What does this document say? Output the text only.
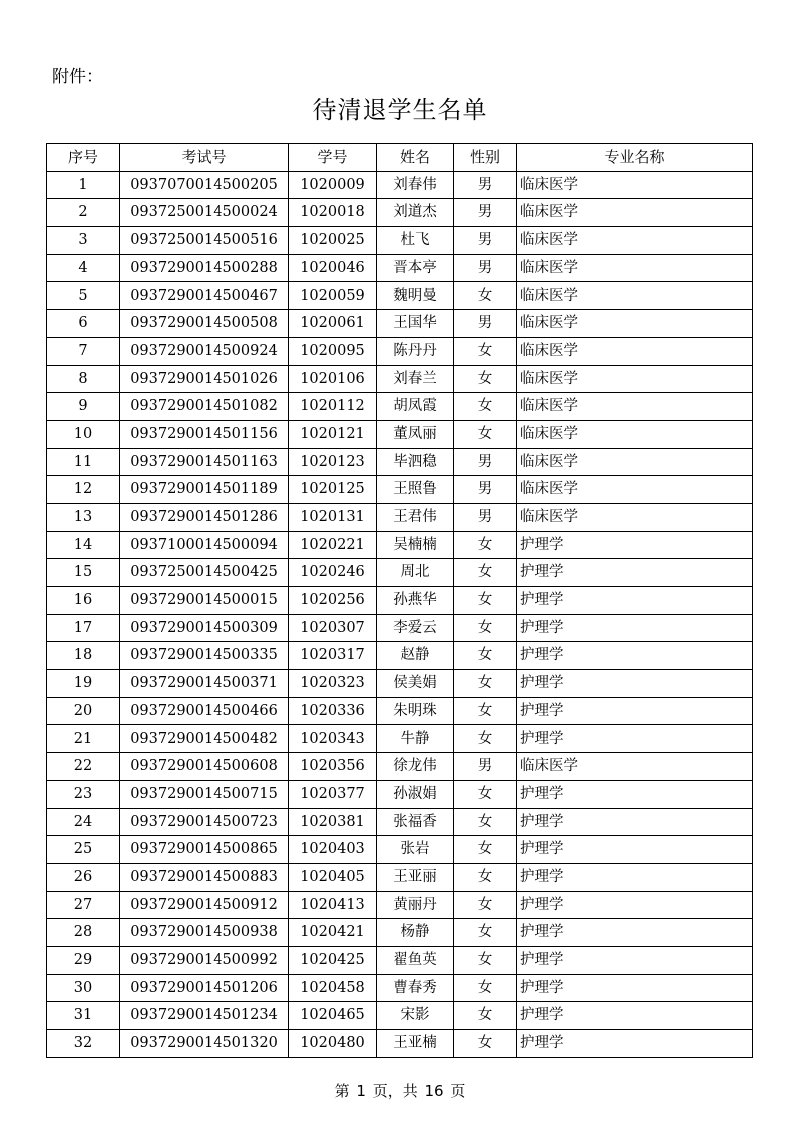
附件：
待清退学生名单
序号	考试号	学号	姓名	性别	专业名称
1	0937070014500205	1020009	刘春伟	男	临床医学
2	0937250014500024	1020018	刘道杰	男	临床医学
3	0937250014500516	1020025	杜飞	男	临床医学
4	0937290014500288	1020046	晋本亭	男	临床医学
5	0937290014500467	1020059	魏明曼	女	临床医学
6	0937290014500508	1020061	王国华	男	临床医学
7	0937290014500924	1020095	陈丹丹	女	临床医学
8	0937290014501026	1020106	刘春兰	女	临床医学
9	0937290014501082	1020112	胡凤霞	女	临床医学
10	0937290014501156	1020121	董凤丽	女	临床医学
11	0937290014501163	1020123	毕泗稳	男	临床医学
12	0937290014501189	1020125	王照鲁	男	临床医学
13	0937290014501286	1020131	王君伟	男	临床医学
14	0937100014500094	1020221	吴楠楠	女	护理学
15	0937250014500425	1020246	周北	女	护理学
16	0937290014500015	1020256	孙燕华	女	护理学
17	0937290014500309	1020307	李爱云	女	护理学
18	0937290014500335	1020317	赵静	女	护理学
19	0937290014500371	1020323	侯美娟	女	护理学
20	0937290014500466	1020336	朱明珠	女	护理学
21	0937290014500482	1020343	牛静	女	护理学
22	0937290014500608	1020356	徐龙伟	男	临床医学
23	0937290014500715	1020377	孙淑娟	女	护理学
24	0937290014500723	1020381	张福香	女	护理学
25	0937290014500865	1020403	张岩	女	护理学
26	0937290014500883	1020405	王亚丽	女	护理学
27	0937290014500912	1020413	黄丽丹	女	护理学
28	0937290014500938	1020421	杨静	女	护理学
29	0937290014500992	1020425	翟鱼英	女	护理学
30	0937290014501206	1020458	曹春秀	女	护理学
31	0937290014501234	1020465	宋影	女	护理学
32	0937290014501320	1020480	王亚楠	女	护理学
第 1 页，共 16 页
